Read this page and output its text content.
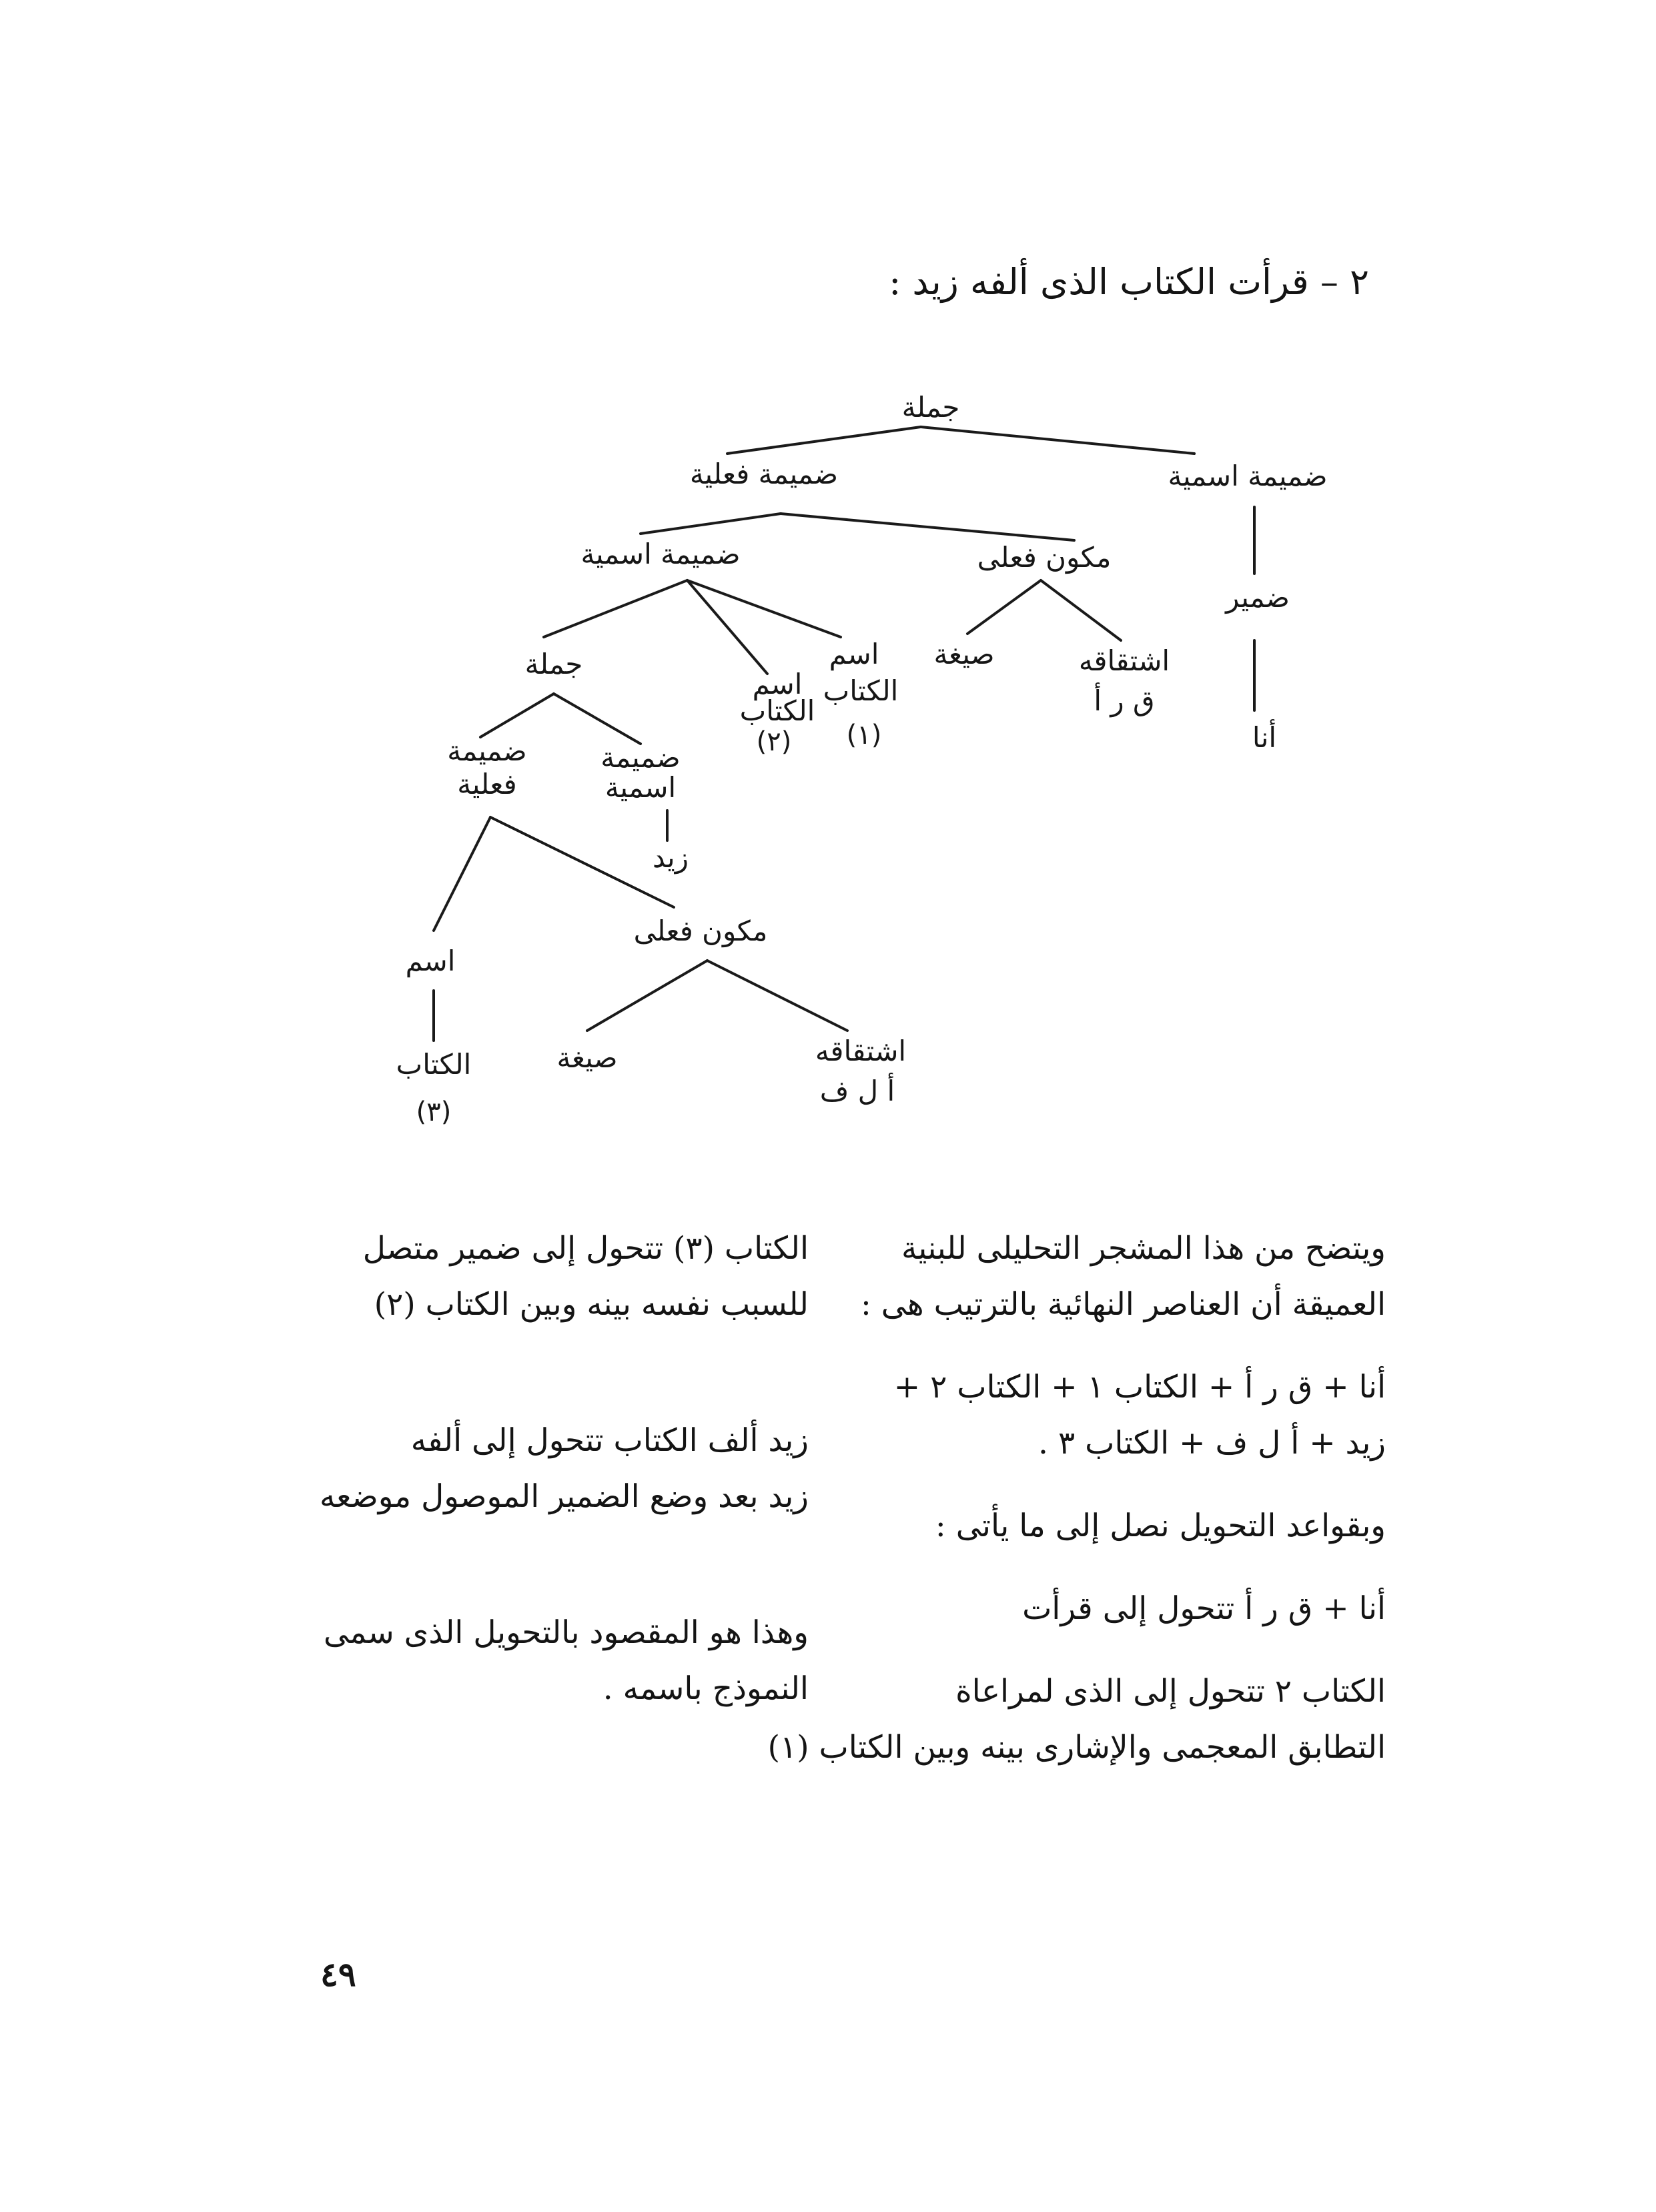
٢ – قرأت الكتاب الذى ألفه زيد :
جملة
ضميمة اسمية
ضميمة فعلية
ضمير
أنا
ضميمة اسمية	مكون فعلى
اشتقاقه
ق ر أ
صيغة
جملة	اسم
الكتاب
(١)
اسم
الكتاب
(٢)
ضميمة
فعلية
ضميمة
اسمية
زيد
مكون فعلى
اسم
الكتاب
(٣)
صيغة	اشتقاقه
أ ل ف

ويتضح من هذا المشجر التحليلى للبنية

العميقة أن العناصر النهائية بالترتيب هى :

أنا + ق ر أ + الكتاب ١ + الكتاب ٢ +

زيد + أ ل ف + الكتاب ٣ .

وبقواعد التحويل نصل إلى ما يأتى :

أنا + ق ر أ تتحول إلى قرأت

الكتاب ٢ تتحول إلى الذى لمراعاة

التطابق المعجمى والإشارى بينه وبين الكتاب (١)

الكتاب (٣) تتحول إلى ضمير متصل

للسبب نفسه بينه وبين الكتاب (٢)

زيد ألف الكتاب تتحول إلى ألفه

زيد بعد وضع الضمير الموصول موضعه

وهذا هو المقصود بالتحويل الذى سمى

النموذج باسمه .

٤٩
